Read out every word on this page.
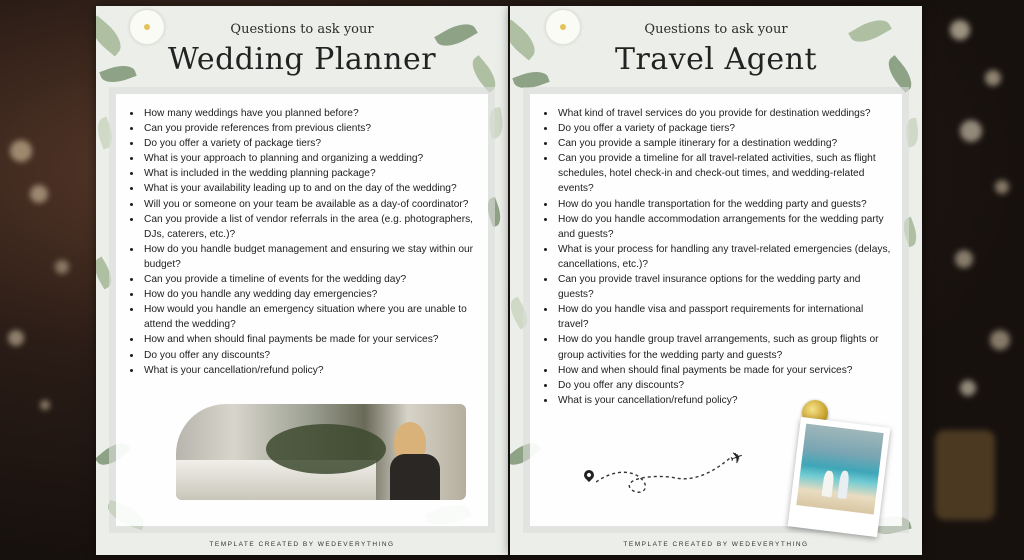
Questions to ask your
Wedding Planner
• How many weddings have you planned before?
• Can you provide references from previous clients?
• Do you offer a variety of package tiers?
• What is your approach to planning and organizing a wedding?
• What is included in the wedding planning package?
• What is your availability leading up to and on the day of the wedding?
• Will you or someone on your team be available as a day-of coordinator?
• Can you provide a list of vendor referrals in the area (e.g. photographers, DJs, caterers, etc.)?
• How do you handle budget management and ensuring we stay within our budget?
• Can you provide a timeline of events for the wedding day?
• How do you handle any wedding day emergencies?
• How would you handle an emergency situation where you are unable to attend the wedding?
• How and when should final payments be made for your services?
• Do you offer any discounts?
• What is your cancellation/refund policy?
TEMPLATE CREATED BY WEDEVERYTHING
Questions to ask your
Travel Agent
• What kind of travel services do you provide for destination weddings?
• Do you offer a variety of package tiers?
• Can you provide a sample itinerary for a destination wedding?
• Can you provide a timeline for all travel-related activities, such as flight schedules, hotel check-in and check-out times, and wedding-related events?
• How do you handle transportation for the wedding party and guests?
• How do you handle accommodation arrangements for the wedding party and guests?
• What is your process for handling any travel-related emergencies (delays, cancellations, etc.)?
• Can you provide travel insurance options for the wedding party and guests?
• How do you handle visa and passport requirements for international travel?
• How do you handle group travel arrangements, such as group flights or group activities for the wedding party and guests?
• How and when should final payments be made for your services?
• Do you offer any discounts?
• What is your cancellation/refund policy?
✈
TEMPLATE CREATED BY WEDEVERYTHING
